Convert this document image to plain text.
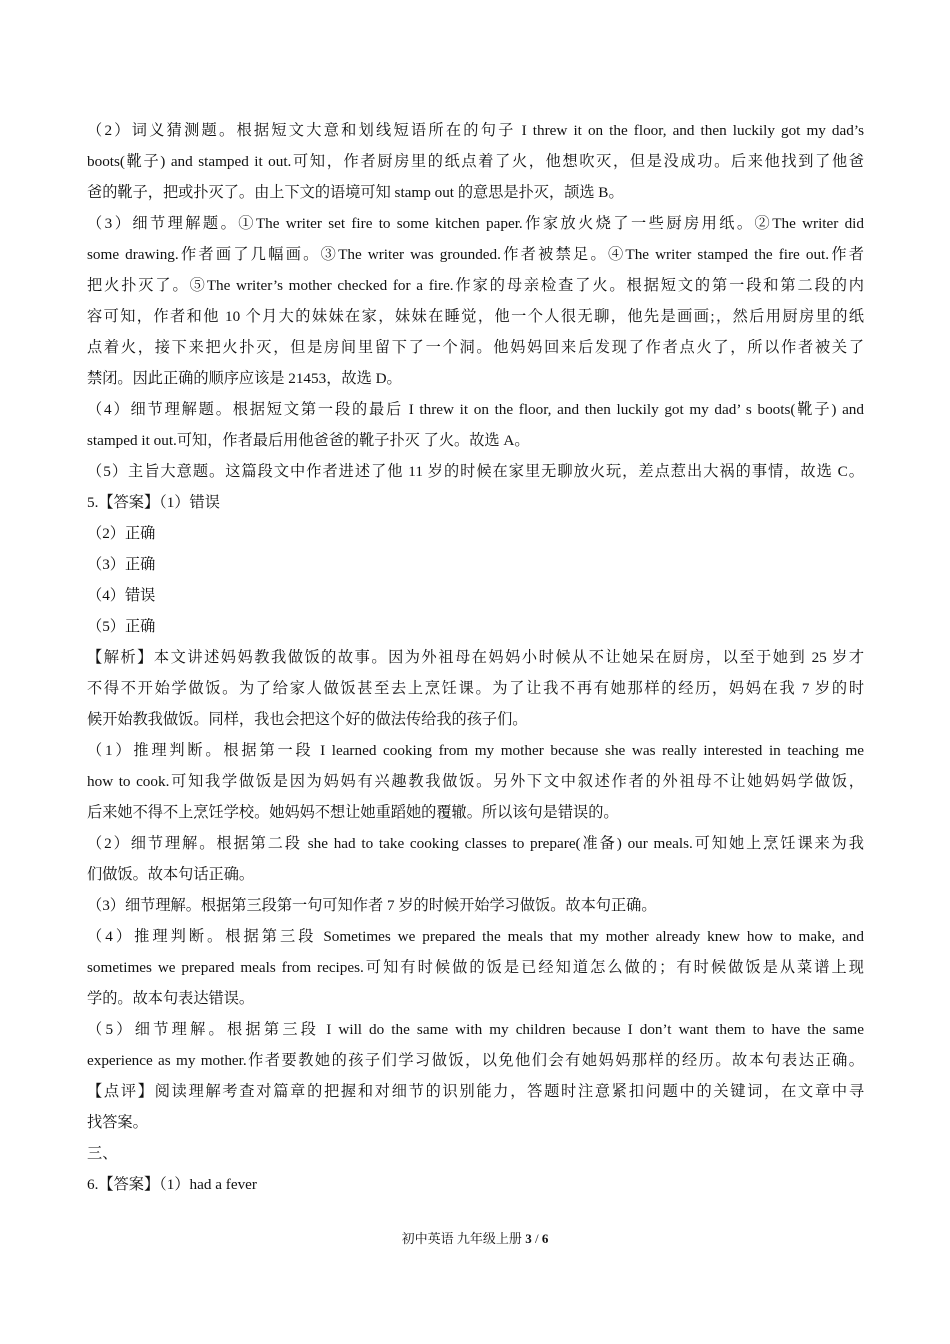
（2）词义猜测题。根据短文大意和划线短语所在的句子 I threw it on the floor, and then luckily got my dad’s
boots(靴子) and stamped it out.可知，作者厨房里的纸点着了火，他想吹灭，但是没成功。后来他找到了他爸
爸的靴子，把或扑灭了。由上下文的语境可知 stamp out 的意思是扑灭，颉选 B。
（3）细节理解题。①The writer set fire to some kitchen paper.作家放火烧了一些厨房用纸。②The writer did
some drawing.作者画了几幅画。③The writer was grounded.作者被禁足。④The writer stamped the fire out.作者
把火扑灭了。⑤The writer’s mother checked for a fire.作家的母亲检查了火。根据短文的第一段和第二段的内
容可知，作者和他 10 个月大的妹妹在家，妹妹在睡觉，他一个人很无聊，他先是画画;，然后用厨房里的纸
点着火，接下来把火扑灭，但是房间里留下了一个洞。他妈妈回来后发现了作者点火了，所以作者被关了
禁闭。因此正确的顺序应该是 21453，故选 D。
（4）细节理解题。根据短文第一段的最后 I threw it on the floor, and then luckily got my dad’ s boots(靴子) and
stamped it out.可知，作者最后用他爸爸的靴子扑灭 了火。故选 A。
（5）主旨大意题。这篇段文中作者进述了他 11 岁的时候在家里无聊放火玩，差点惹出大祸的事情，故选 C。
5.【答案】（1）错误
（2）正确
（3）正确
（4）错误
（5）正确
【解析】本文讲述妈妈教我做饭的故事。因为外祖母在妈妈小时候从不让她呆在厨房，以至于她到 25 岁才
不得不开始学做饭。为了给家人做饭甚至去上烹饪课。为了让我不再有她那样的经历，妈妈在我 7 岁的时
候开始教我做饭。同样，我也会把这个好的做法传给我的孩子们。
（1）推理判断。根据第一段 I learned cooking from my mother because she was really interested in teaching me
how to cook.可知我学做饭是因为妈妈有兴趣教我做饭。另外下文中叙述作者的外祖母不让她妈妈学做饭，
后来她不得不上烹饪学校。她妈妈不想让她重蹈她的覆辙。所以该句是错误的。
（2）细节理解。根据第二段 she had to take cooking classes to prepare(准备) our meals.可知她上烹饪课来为我
们做饭。故本句话正确。
（3）细节理解。根据第三段第一句可知作者 7 岁的时候开始学习做饭。故本句正确。
（4）推理判断。根据第三段 Sometimes we prepared the meals that my mother already knew how to make, and
sometimes we prepared meals from recipes.可知有时候做的饭是已经知道怎么做的；有时候做饭是从菜谱上现
学的。故本句表达错误。
（5）细节理解。根据第三段 I will do the same with my children because I don’t want them to have the same
experience as my mother.作者要教她的孩子们学习做饭，以免他们会有她妈妈那样的经历。故本句表达正确。
【点评】阅读理解考查对篇章的把握和对细节的识别能力，答题时注意紧扣问题中的关键词，在文章中寻
找答案。
三、
6.【答案】（1）had a fever
初中英语 九年级上册 3 / 6
